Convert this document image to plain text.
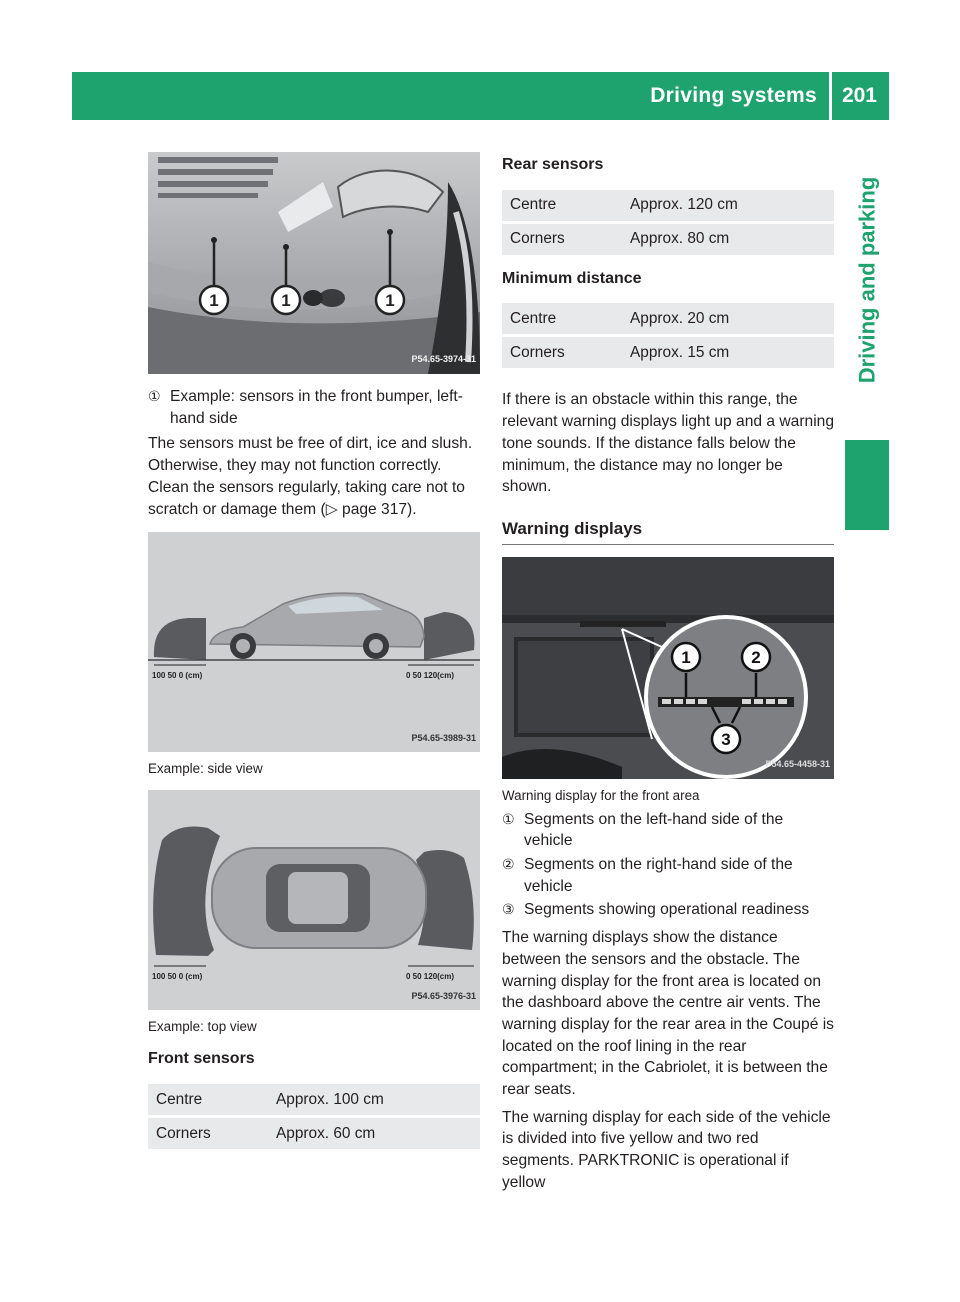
Driving systems	201
Driving and parking
1	1	1
P54.65-3974-31
① Example: sensors in the front bumper, left-hand side

The sensors must be free of dirt, ice and slush. Otherwise, they may not function correctly. Clean the sensors regularly, taking care not to scratch or damage them (▷ page 317).

100 50 0 (cm)	0 50 120(cm)
P54.65-3989-31
Example: side view
100 50 0 (cm)	0 50 120(cm)
P54.65-3976-31
Example: top view
Front sensors
Centre	Approx. 100 cm
Corners	Approx. 60 cm
Rear sensors
Centre	Approx. 120 cm
Corners	Approx. 80 cm
Minimum distance
Centre	Approx. 20 cm
Corners	Approx. 15 cm

If there is an obstacle within this range, the relevant warning displays light up and a warning tone sounds. If the distance falls below the minimum, the distance may no longer be shown.

Warning displays
1	2
3
P54.65-4458-31
Warning display for the front area
① Segments on the left-hand side of the vehicle
② Segments on the right-hand side of the vehicle
③ Segments showing operational readiness

The warning displays show the distance between the sensors and the obstacle. The warning display for the front area is located on the dashboard above the centre air vents. The warning display for the rear area in the Coupé is located on the roof lining in the rear compartment; in the Cabriolet, it is between the rear seats.

The warning display for each side of the vehicle is divided into five yellow and two red segments. PARKTRONIC is operational if yellow
